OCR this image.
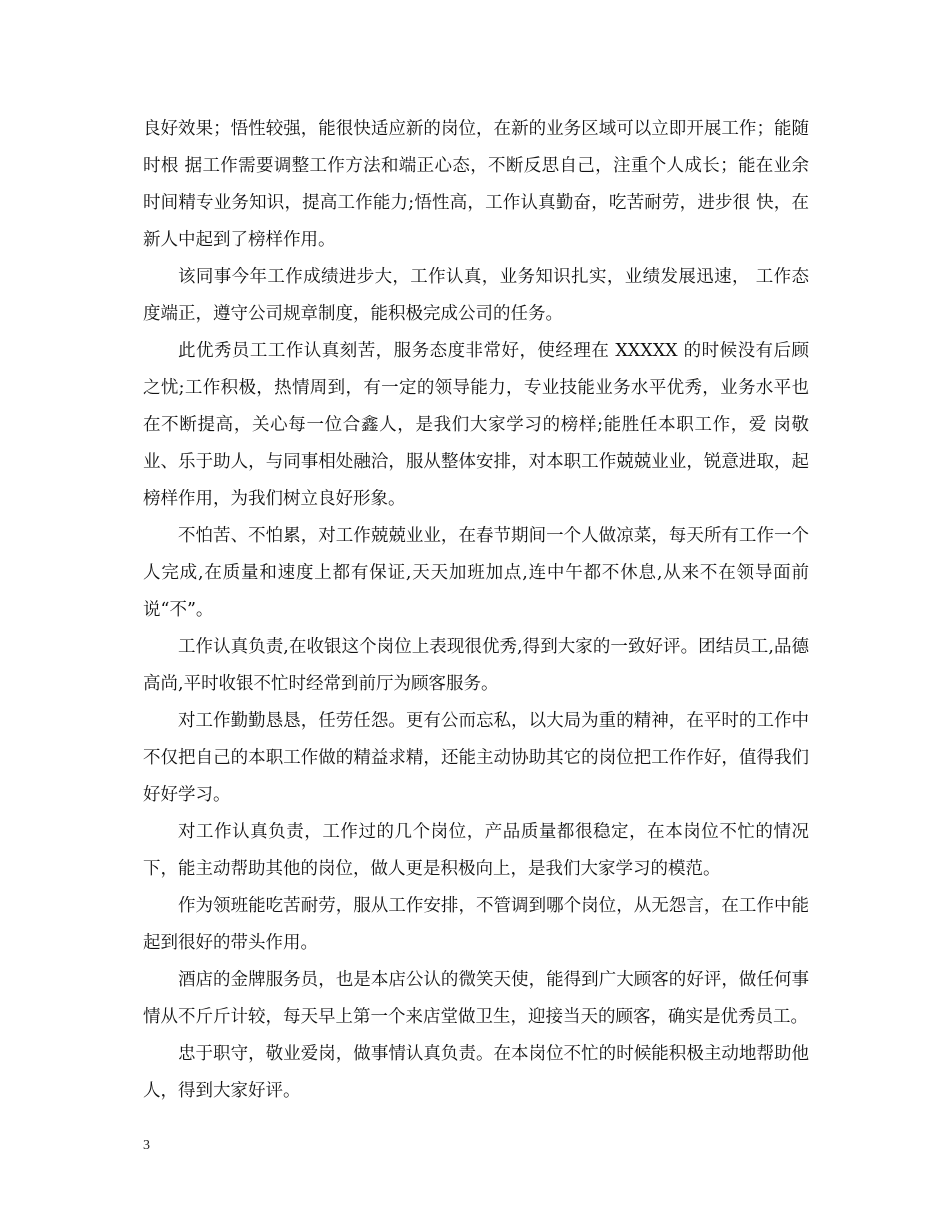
良好效果；悟性较强，能很快适应新的岗位，在新的业务区域可以立即开展工作；能随时根 据工作需要调整工作方法和端正心态，不断反思自己，注重个人成长；能在业余 时间精专业务知识，提高工作能力;悟性高，工作认真勤奋，吃苦耐劳，进步很 快，在新人中起到了榜样作用。

该同事今年工作成绩进步大，工作认真，业务知识扎实，业绩发展迅速， 工作态度端正，遵守公司规章制度，能积极完成公司的任务。

此优秀员工工作认真刻苦，服务态度非常好，使经理在 XXXXX 的时候没有后顾之忧;工作积极，热情周到，有一定的领导能力，专业技能业务水平优秀，业务水平也 在不断提高，关心每一位合鑫人，是我们大家学习的榜样;能胜任本职工作，爱 岗敬业、乐于助人，与同事相处融洽，服从整体安排，对本职工作兢兢业业，锐意进取，起榜样作用，为我们树立良好形象。

不怕苦、不怕累，对工作兢兢业业，在春节期间一个人做凉菜，每天所有工作一个人完成,在质量和速度上都有保证,天天加班加点,连中午都不休息,从来不在领导面前说“不”。

工作认真负责,在收银这个岗位上表现很优秀,得到大家的一致好评。团结员工,品德高尚,平时收银不忙时经常到前厅为顾客服务。

对工作勤勤恳恳，任劳任怨。更有公而忘私，以大局为重的精神，在平时的工作中不仅把自己的本职工作做的精益求精，还能主动协助其它的岗位把工作作好，值得我们好好学习。

对工作认真负责，工作过的几个岗位，产品质量都很稳定，在本岗位不忙的情况下，能主动帮助其他的岗位，做人更是积极向上，是我们大家学习的模范。

作为领班能吃苦耐劳，服从工作安排，不管调到哪个岗位，从无怨言，在工作中能起到很好的带头作用。

酒店的金牌服务员，也是本店公认的微笑天使，能得到广大顾客的好评，做任何事情从不斤斤计较，每天早上第一个来店堂做卫生，迎接当天的顾客，确实是优秀员工。

忠于职守，敬业爱岗，做事情认真负责。在本岗位不忙的时候能积极主动地帮助他人，得到大家好评。

3
